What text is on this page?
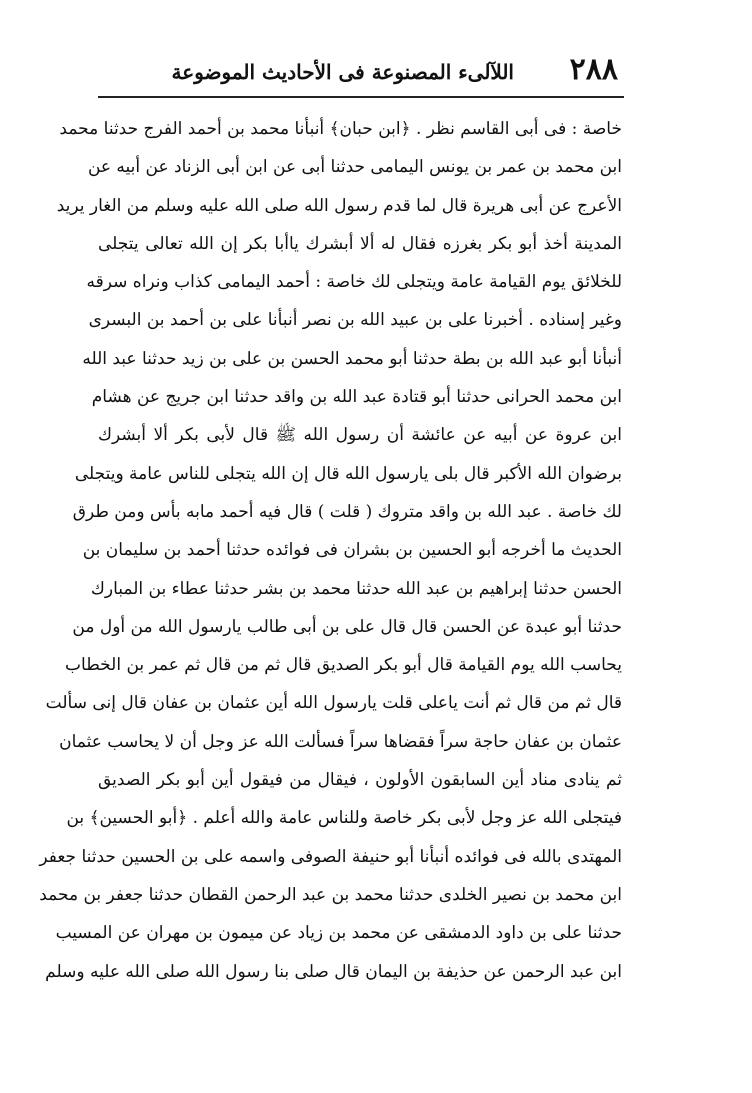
٢٨٨
اللآلىء المصنوعة فى الأحاديث الموضوعة
خاصة : فى أبى القاسم نظر . ﴿ابن حبان﴾ أنبأنا محمد بن أحمد الفرج حدثنا محمد
ابن محمد بن عمر بن يونس اليمامى حدثنا أبى عن ابن أبى الزناد عن أبيه عن
الأعرج عن أبى هريرة قال لما قدم رسول الله صلى الله عليه وسلم من الغار يريد
المدينة أخذ أبو بكر بغرزه فقال له ألا أبشرك ياأبا بكر إن الله تعالى يتجلى
للخلائق يوم القيامة عامة ويتجلى لك خاصة : أحمد اليمامى كذاب ونراه سرقه
وغير إسناده . أخبرنا على بن عبيد الله بن نصر أنبأنا على بن أحمد بن البسرى
أنبأنا أبو عبد الله بن بطة حدثنا أبو محمد الحسن بن على بن زيد حدثنا عبد الله
ابن محمد الحرانى حدثنا أبو قتادة عبد الله بن واقد حدثنا ابن جريج عن هشام
ابن عروة عن أبيه عن عائشة أن رسول الله ﷺ قال لأبى بكر ألا أبشرك
برضوان الله الأكبر قال بلى يارسول الله قال إن الله يتجلى للناس عامة ويتجلى
لك خاصة . عبد الله بن واقد متروك ( قلت ) قال فيه أحمد مابه بأس ومن طرق
الحديث ما أخرجه أبو الحسين بن بشران فى فوائده حدثنا أحمد بن سليمان بن
الحسن حدثنا إبراهيم بن عبد الله حدثنا محمد بن بشر حدثنا عطاء بن المبارك
حدثنا أبو عبدة عن الحسن قال قال على بن أبى طالب يارسول الله من أول من
يحاسب الله يوم القيامة قال أبو بكر الصديق قال ثم من قال ثم عمر بن الخطاب
قال ثم من قال ثم أنت ياعلى قلت يارسول الله أين عثمان بن عفان قال إنى سألت
عثمان بن عفان حاجة سراً فقضاها سراً فسألت الله عز وجل أن لا يحاسب عثمان
ثم ينادى مناد أين السابقون الأولون ، فيقال من فيقول أين أبو بكر الصديق
فيتجلى الله عز وجل لأبى بكر خاصة وللناس عامة والله أعلم . ﴿أبو الحسين﴾ بن
المهتدى بالله فى فوائده أنبأنا أبو حنيفة الصوفى واسمه على بن الحسين حدثنا جعفر
ابن محمد بن نصير الخلدى حدثنا محمد بن عبد الرحمن القطان حدثنا جعفر بن محمد
حدثنا على بن داود الدمشقى عن محمد بن زياد عن ميمون بن مهران عن المسيب
ابن عبد الرحمن عن حذيفة بن اليمان قال صلى بنا رسول الله صلى الله عليه وسلم
